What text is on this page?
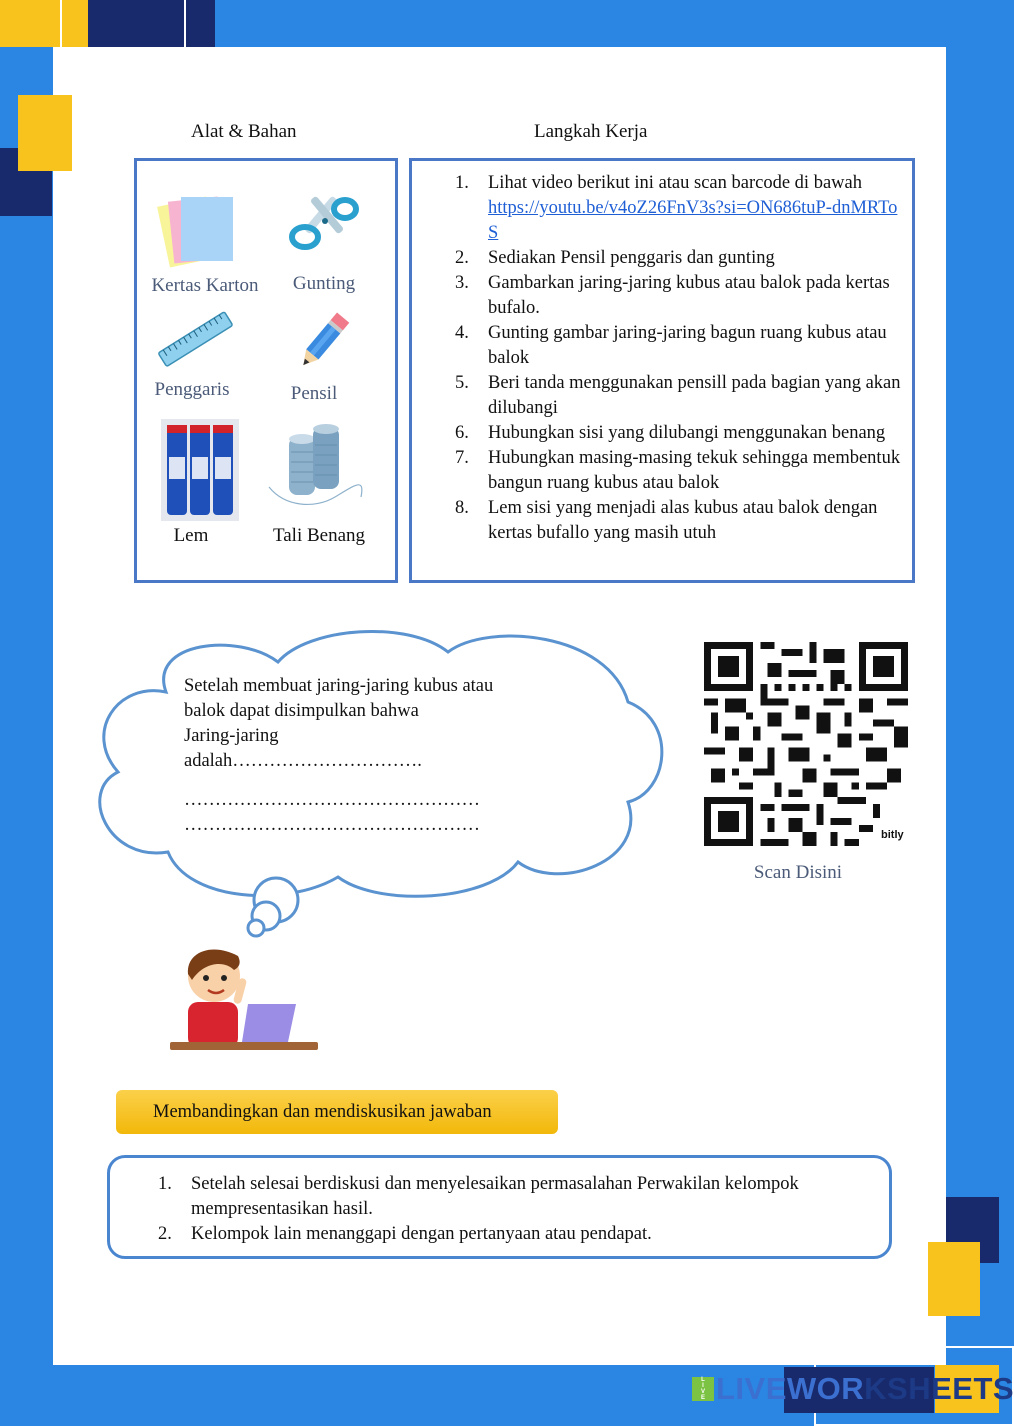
Alat & Bahan	Langkah Kerja
Kertas Karton	Gunting
Penggaris	Pensil
Lem	Tali Benang
1. Lihat video berikut ini atau scan barcode di bawah
https://youtu.be/v4oZ26FnV3s?si=ON686tuP-dnMRToS
2. Sediakan Pensil penggaris dan gunting
3. Gambarkan jaring-jaring kubus atau balok pada kertas bufalo.
4. Gunting gambar jaring-jaring bagun ruang kubus atau balok
5. Beri tanda menggunakan pensill pada bagian yang akan dilubangi
6. Hubungkan sisi yang dilubangi menggunakan benang
7. Hubungkan masing-masing tekuk sehingga membentuk bangun ruang kubus atau balok
8. Lem sisi yang menjadi alas kubus atau balok dengan kertas bufallo yang masih utuh
Setelah membuat jaring-jaring kubus atau
balok dapat disimpulkan bahwa
Jaring-jaring
adalah………………………….
…………………………………………
…………………………………………	bitly
Scan Disini
Membandingkan dan mendiskusikan jawaban
1. Setelah selesai berdiskusi dan menyelesaikan permasalahan Perwakilan kelompok mempresentasikan hasil.
2. Kelompok lain menanggapi dengan pertanyaan atau pendapat.
LIVE LIVEWOR KSHEETS
